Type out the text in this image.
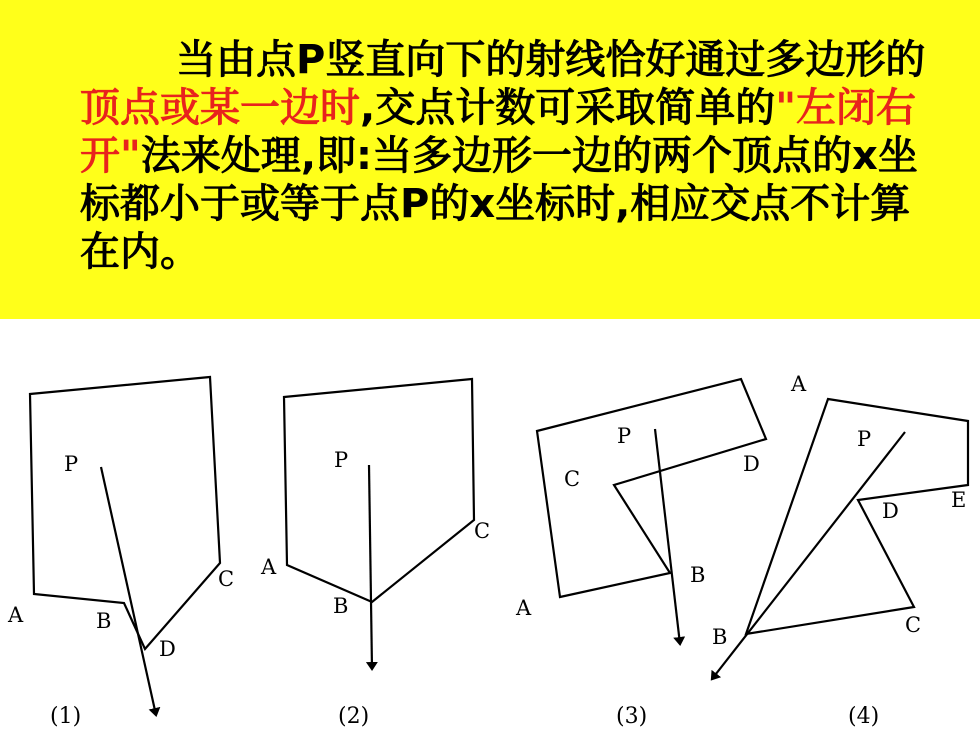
当由点P竖直向下的射线恰好通过多边形的顶点或某一边时,交点计数可采取简单的"左闭右开"法来处理,即:当多边形一边的两个顶点的x坐标都小于或等于点P的x坐标时,相应交点不计算在内。

P
A	B
C
D
(1)
P
A
B
C
(2)
P
A
B
C
D
(3)
A
P
D E
C
B
(4)
